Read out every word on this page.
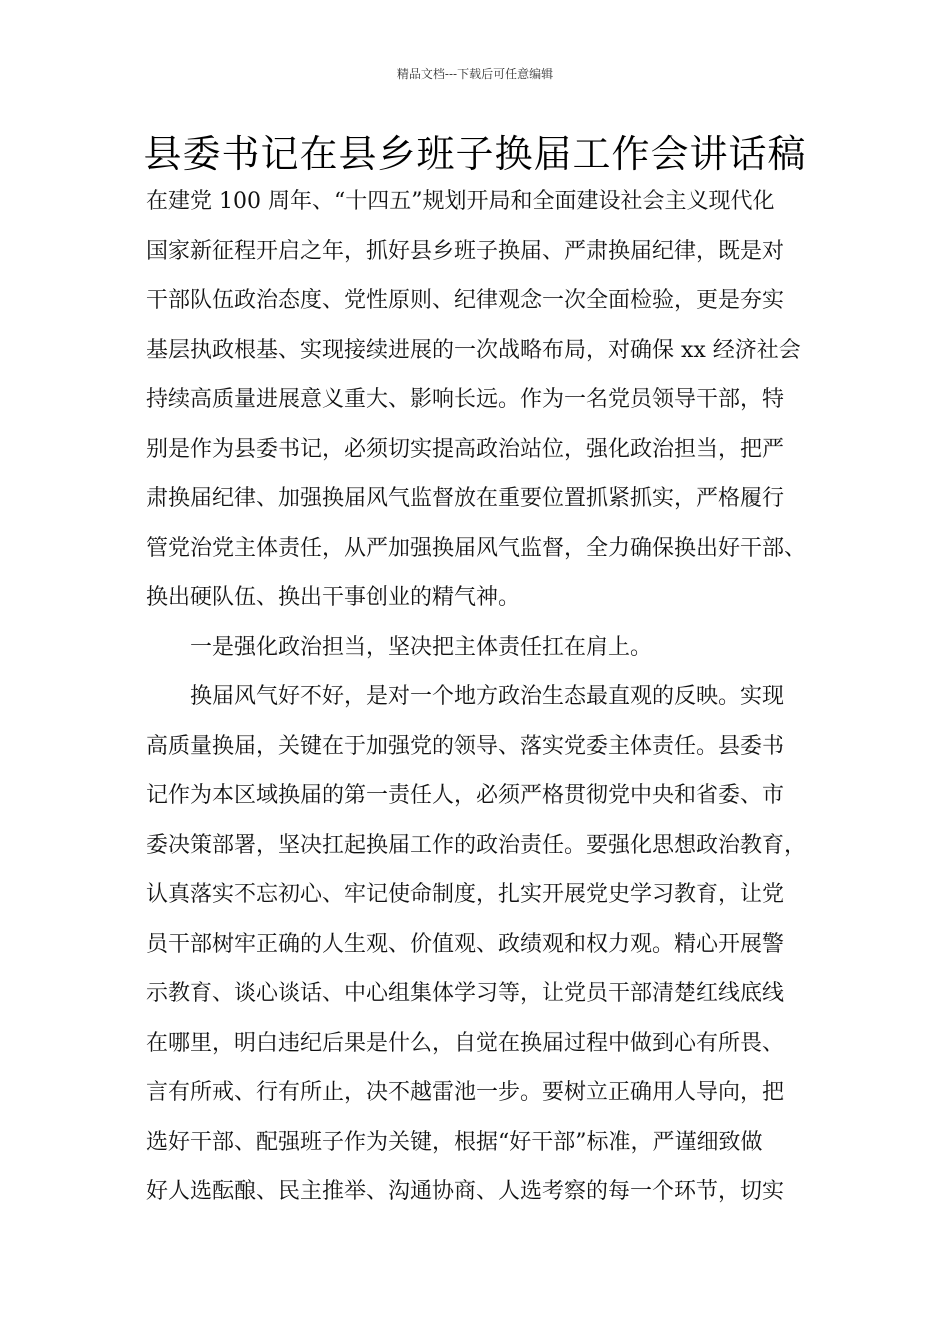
精品文档---下载后可任意编辑
县委书记在县乡班子换届工作会讲话稿
在建党 100 周年、“十四五”规划开局和全面建设社会主义现代化
国家新征程开启之年，抓好县乡班子换届、严肃换届纪律，既是对
干部队伍政治态度、党性原则、纪律观念一次全面检验，更是夯实
基层执政根基、实现接续进展的一次战略布局，对确保 xx 经济社会
持续高质量进展意义重大、影响长远。作为一名党员领导干部，特
别是作为县委书记，必须切实提高政治站位，强化政治担当，把严
肃换届纪律、加强换届风气监督放在重要位置抓紧抓实，严格履行
管党治党主体责任，从严加强换届风气监督，全力确保换出好干部、
换出硬队伍、换出干事创业的精气神。
一是强化政治担当，坚决把主体责任扛在肩上。
换届风气好不好，是对一个地方政治生态最直观的反映。实现
高质量换届，关键在于加强党的领导、落实党委主体责任。县委书
记作为本区域换届的第一责任人，必须严格贯彻党中央和省委、市
委决策部署，坚决扛起换届工作的政治责任。要强化思想政治教育，
认真落实不忘初心、牢记使命制度，扎实开展党史学习教育，让党
员干部树牢正确的人生观、价值观、政绩观和权力观。精心开展警
示教育、谈心谈话、中心组集体学习等，让党员干部清楚红线底线
在哪里，明白违纪后果是什么，自觉在换届过程中做到心有所畏、
言有所戒、行有所止，决不越雷池一步。要树立正确用人导向，把
选好干部、配强班子作为关键，根据“好干部”标准，严谨细致做
好人选酝酿、民主推举、沟通协商、人选考察的每一个环节，切实
